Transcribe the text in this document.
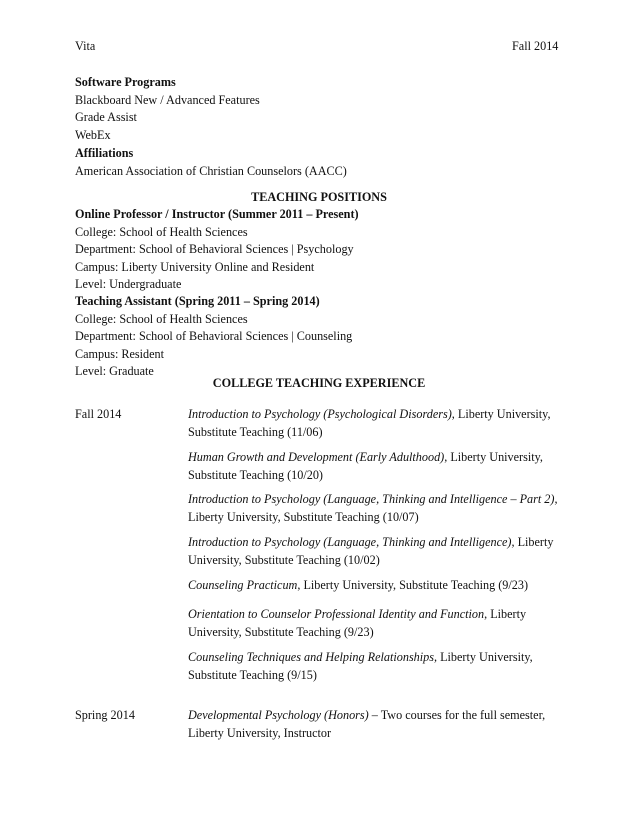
Vita	Fall 2014
Software Programs
Blackboard New / Advanced Features
Grade Assist
WebEx
Affiliations
American Association of Christian Counselors (AACC)
TEACHING POSITIONS
Online Professor / Instructor (Summer 2011 – Present)
College: School of Health Sciences
Department: School of Behavioral Sciences | Psychology
Campus: Liberty University Online and Resident
Level: Undergraduate
Teaching Assistant (Spring 2011 – Spring 2014)
College: School of Health Sciences
Department: School of Behavioral Sciences | Counseling
Campus: Resident
Level: Graduate
COLLEGE TEACHING EXPERIENCE
Fall 2014	Introduction to Psychology (Psychological Disorders), Liberty University, Substitute Teaching (11/06)
Human Growth and Development (Early Adulthood), Liberty University, Substitute Teaching (10/20)
Introduction to Psychology (Language, Thinking and Intelligence – Part 2), Liberty University, Substitute Teaching (10/07)
Introduction to Psychology (Language, Thinking and Intelligence), Liberty University, Substitute Teaching (10/02)
Counseling Practicum, Liberty University, Substitute Teaching (9/23)
Orientation to Counselor Professional Identity and Function, Liberty University, Substitute Teaching (9/23)
Counseling Techniques and Helping Relationships, Liberty University, Substitute Teaching (9/15)
Spring 2014	Developmental Psychology (Honors) – Two courses for the full semester, Liberty University, Instructor
